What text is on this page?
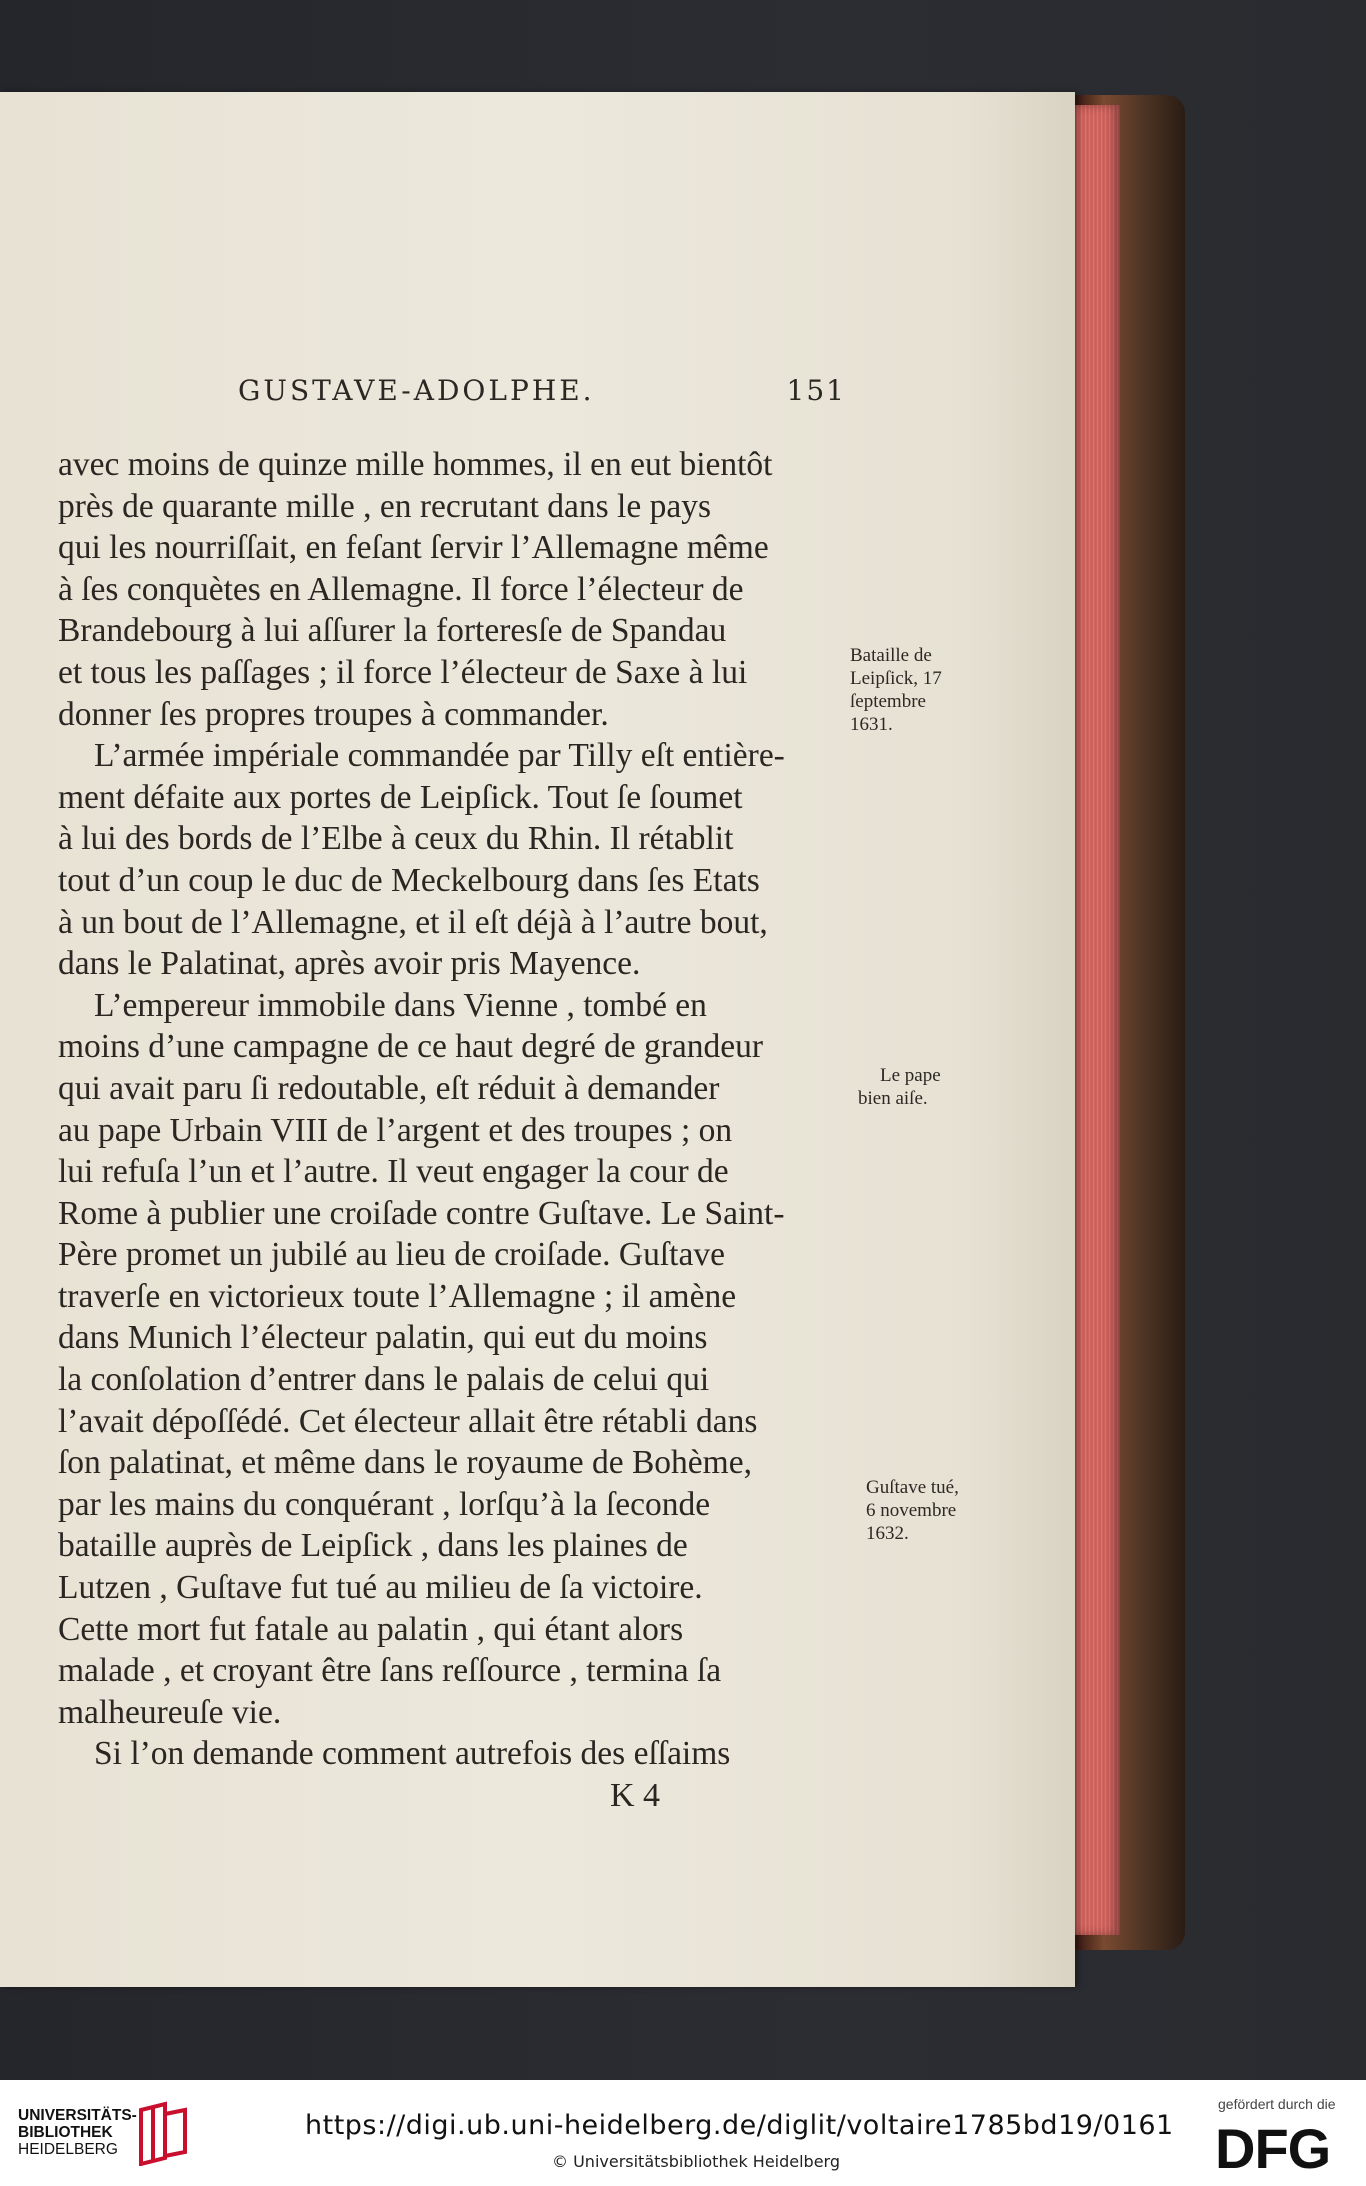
GUSTAVE-ADOLPHE.	151
avec moins de quinze mille hommes, il en eut bientôt
près de quarante mille , en recrutant dans le pays
qui les nourriſſait, en feſant ſervir l’Allemagne même
à ſes conquètes en Allemagne. Il force l’électeur de
Brandebourg à lui aſſurer la forteresſe de Spandau
et tous les paſſages ; il force l’électeur de Saxe à lui
donner ſes propres troupes à commander.
L’armée impériale commandée par Tilly eſt entière-
ment défaite aux portes de Leipſick. Tout ſe ſoumet
à lui des bords de l’Elbe à ceux du Rhin. Il rétablit
tout d’un coup le duc de Meckelbourg dans ſes Etats
à un bout de l’Allemagne, et il eſt déjà à l’autre bout,
dans le Palatinat, après avoir pris Mayence.
L’empereur immobile dans Vienne , tombé en
moins d’une campagne de ce haut degré de grandeur
qui avait paru ſi redoutable, eſt réduit à demander
au pape Urbain VIII de l’argent et des troupes ; on
lui refuſa l’un et l’autre. Il veut engager la cour de
Rome à publier une croiſade contre Guſtave. Le Saint-
Père promet un jubilé au lieu de croiſade. Guſtave
traverſe en victorieux toute l’Allemagne ; il amène
dans Munich l’électeur palatin, qui eut du moins
la conſolation d’entrer dans le palais de celui qui
l’avait dépoſſédé. Cet électeur allait être rétabli dans
ſon palatinat, et même dans le royaume de Bohème,
par les mains du conquérant , lorſqu’à la ſeconde
bataille auprès de Leipſick , dans les plaines de
Lutzen , Guſtave fut tué au milieu de ſa victoire.
Cette mort fut fatale au palatin , qui étant alors
malade , et croyant être ſans reſſource , termina ſa
malheureuſe vie.
Si l’on demande comment autrefois des eſſaims
Bataille de
Leipſick, 17
ſeptembre
1631.
Le pape
bien aiſe.
Guſtave tué,
6 novembre
1632.
K 4
UNIVERSITÄTS-
BIBLIOTHEK
HEIDELBERG
https://digi.ub.uni-heidelberg.de/diglit/voltaire1785bd19/0161
© Universitätsbibliothek Heidelberg
gefördert durch die
DFG
